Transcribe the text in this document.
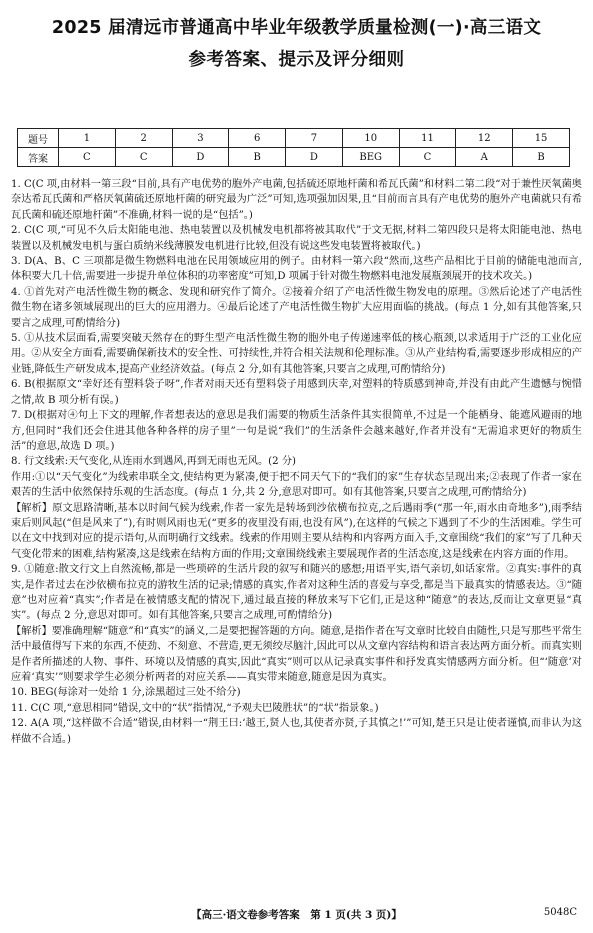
2025 届清远市普通高中毕业年级教学质量检测(一)·高三语文
参考答案、提示及评分细则
题号	1	2	3	6	7	10	11	12	15
答案	C	C	D	B	D	BEG	C	A	B

1. C(C 项,由材料一第三段“目前,具有产电优势的胞外产电菌,包括硫还原地杆菌和希瓦氏菌”和材料二第二段“对于兼性厌氧菌奥奈达希瓦氏菌和严格厌氧菌硫还原地杆菌的研究最为广泛”可知,选项强加因果,且“目前而言具有产电优势的胞外产电菌就只有希瓦氏菌和硫还原地杆菌”不准确,材料一说的是“包括”。)

2. C(C 项,“可见不久后太阳能电池、热电装置以及机械发电机都将被其取代”于文无据,材料二第四段只是将太阳能电池、热电装置以及机械发电机与蛋白质纳米线薄膜发电机进行比较,但没有说这些发电装置将被取代。)

3. D(A、B、C 三项都是微生物燃料电池在民用领域应用的例子。由材料一第六段“然而,这些产品相比于目前的储能电池而言,体积要大几十倍,需要进一步提升单位体积的功率密度”可知,D 项属于针对微生物燃料电池发展瓶颈展开的技术攻关。)

4. ①首先对产电活性微生物的概念、发现和研究作了简介。②接着介绍了产电活性微生物发电的原理。③然后论述了产电活性微生物在诸多领域展现出的巨大的应用潜力。④最后论述了产电活性微生物扩大应用面临的挑战。(每点 1 分,如有其他答案,只要言之成理,可酌情给分)

5. ①从技术层面看,需要突破天然存在的野生型产电活性微生物的胞外电子传递速率低的核心瓶颈,以求适用于广泛的工业化应用。②从安全方面看,需要确保新技术的安全性、可持续性,并符合相关法规和伦理标准。③从产业结构看,需要逐步形成相应的产业链,降低生产研发成本,提高产业经济效益。(每点 2 分,如有其他答案,只要言之成理,可酌情给分)

6. B(根据原文“幸好还有塑料袋子呀”,作者对雨天还有塑料袋子用感到庆幸,对塑料的特质感到神奇,并没有由此产生遗憾与惋惜之情,故 B 项分析有误。)

7. D(根据对④句上下文的理解,作者想表达的意思是我们需要的物质生活条件其实很简单,不过是一个能栖身、能遮风避雨的地方,但同时“我们还会住进其他各种各样的房子里”一句是说“我们”的生活条件会越来越好,作者并没有“无需追求更好的物质生活”的意思,故选 D 项。)

8. 行文线索:天气变化,从连雨水到遇风,再到无雨也无风。(2 分)

作用:①以“天气变化”为线索串联全文,使结构更为紧凑,便于把不同天气下的“我们的家”生存状态呈现出来;②表现了作者一家在艰苦的生活中依然保持乐观的生活态度。(每点 1 分,共 2 分,意思对即可。如有其他答案,只要言之成理,可酌情给分)

【解析】原文思路清晰,基本以时间气候为线索,作者一家先是转场到沙依横布拉克,之后遇雨季(“那一年,雨水由奇地多”),雨季结束后则风起(“但是风来了”),有时则风雨也无(“更多的夜里没有雨,也没有风”),在这样的气候之下遇到了不少的生活困难。学生可以在文中找到对应的提示语句,从而明确行文线索。线索的作用则主要从结构和内容两方面入手,文章围绕“我们的家”写了几种天气变化带来的困难,结构紧凑,这是线索在结构方面的作用;文章围绕线索主要展现作者的生活态度,这是线索在内容方面的作用。

9. ①随意:散文行文上自然流畅,都是一些琐碎的生活片段的叙写和随兴的感想;用语平实,语气亲切,如话家常。②真实:事件的真实,是作者过去在沙依横布拉克的游牧生活的记录;情感的真实,作者对这种生活的喜爱与享受,都是当下最真实的情感表达。③“随意”也对应着“真实”;作者是在被情感支配的情况下,通过最直接的释放来写下它们,正是这种“随意”的表达,反而让文章更显“真实”。(每点 2 分,意思对即可。如有其他答案,只要言之成理,可酌情给分)

【解析】要准确理解“随意”和“真实”的涵义,二是要把握答题的方向。随意,是指作者在写文章时比较自由随性,只是写那些平常生活中最值得写下来的东西,不使劲、不刻意、不营造,更无须绞尽脑汁,因此可以从文章内容结构和语言表达两方面分析。而真实则是作者所描述的人物、事件、环境以及情感的真实,因此“真实”则可以从记录真实事件和抒发真实情感两方面分析。但“‘随意’对应着‘真实’”则要求学生必须分析两者的对应关系——真实带来随意,随意是因为真实。

10. BEG(每涂对一处给 1 分,涂黑超过三处不给分)

11. C(C 项,“意思相同”错误,文中的“状”指情况,“予观夫巴陵胜状”的“状”指景象。)

12. A(A 项,“这样做不合适”错误,由材料一“荆王曰:‘越王,贤人也,其使者亦贤,子其慎之!’”可知,楚王只是让使者谨慎,而非认为这样做不合适。)

【高三·语文卷参考答案　第 1 页(共 3 页)】	5048C
